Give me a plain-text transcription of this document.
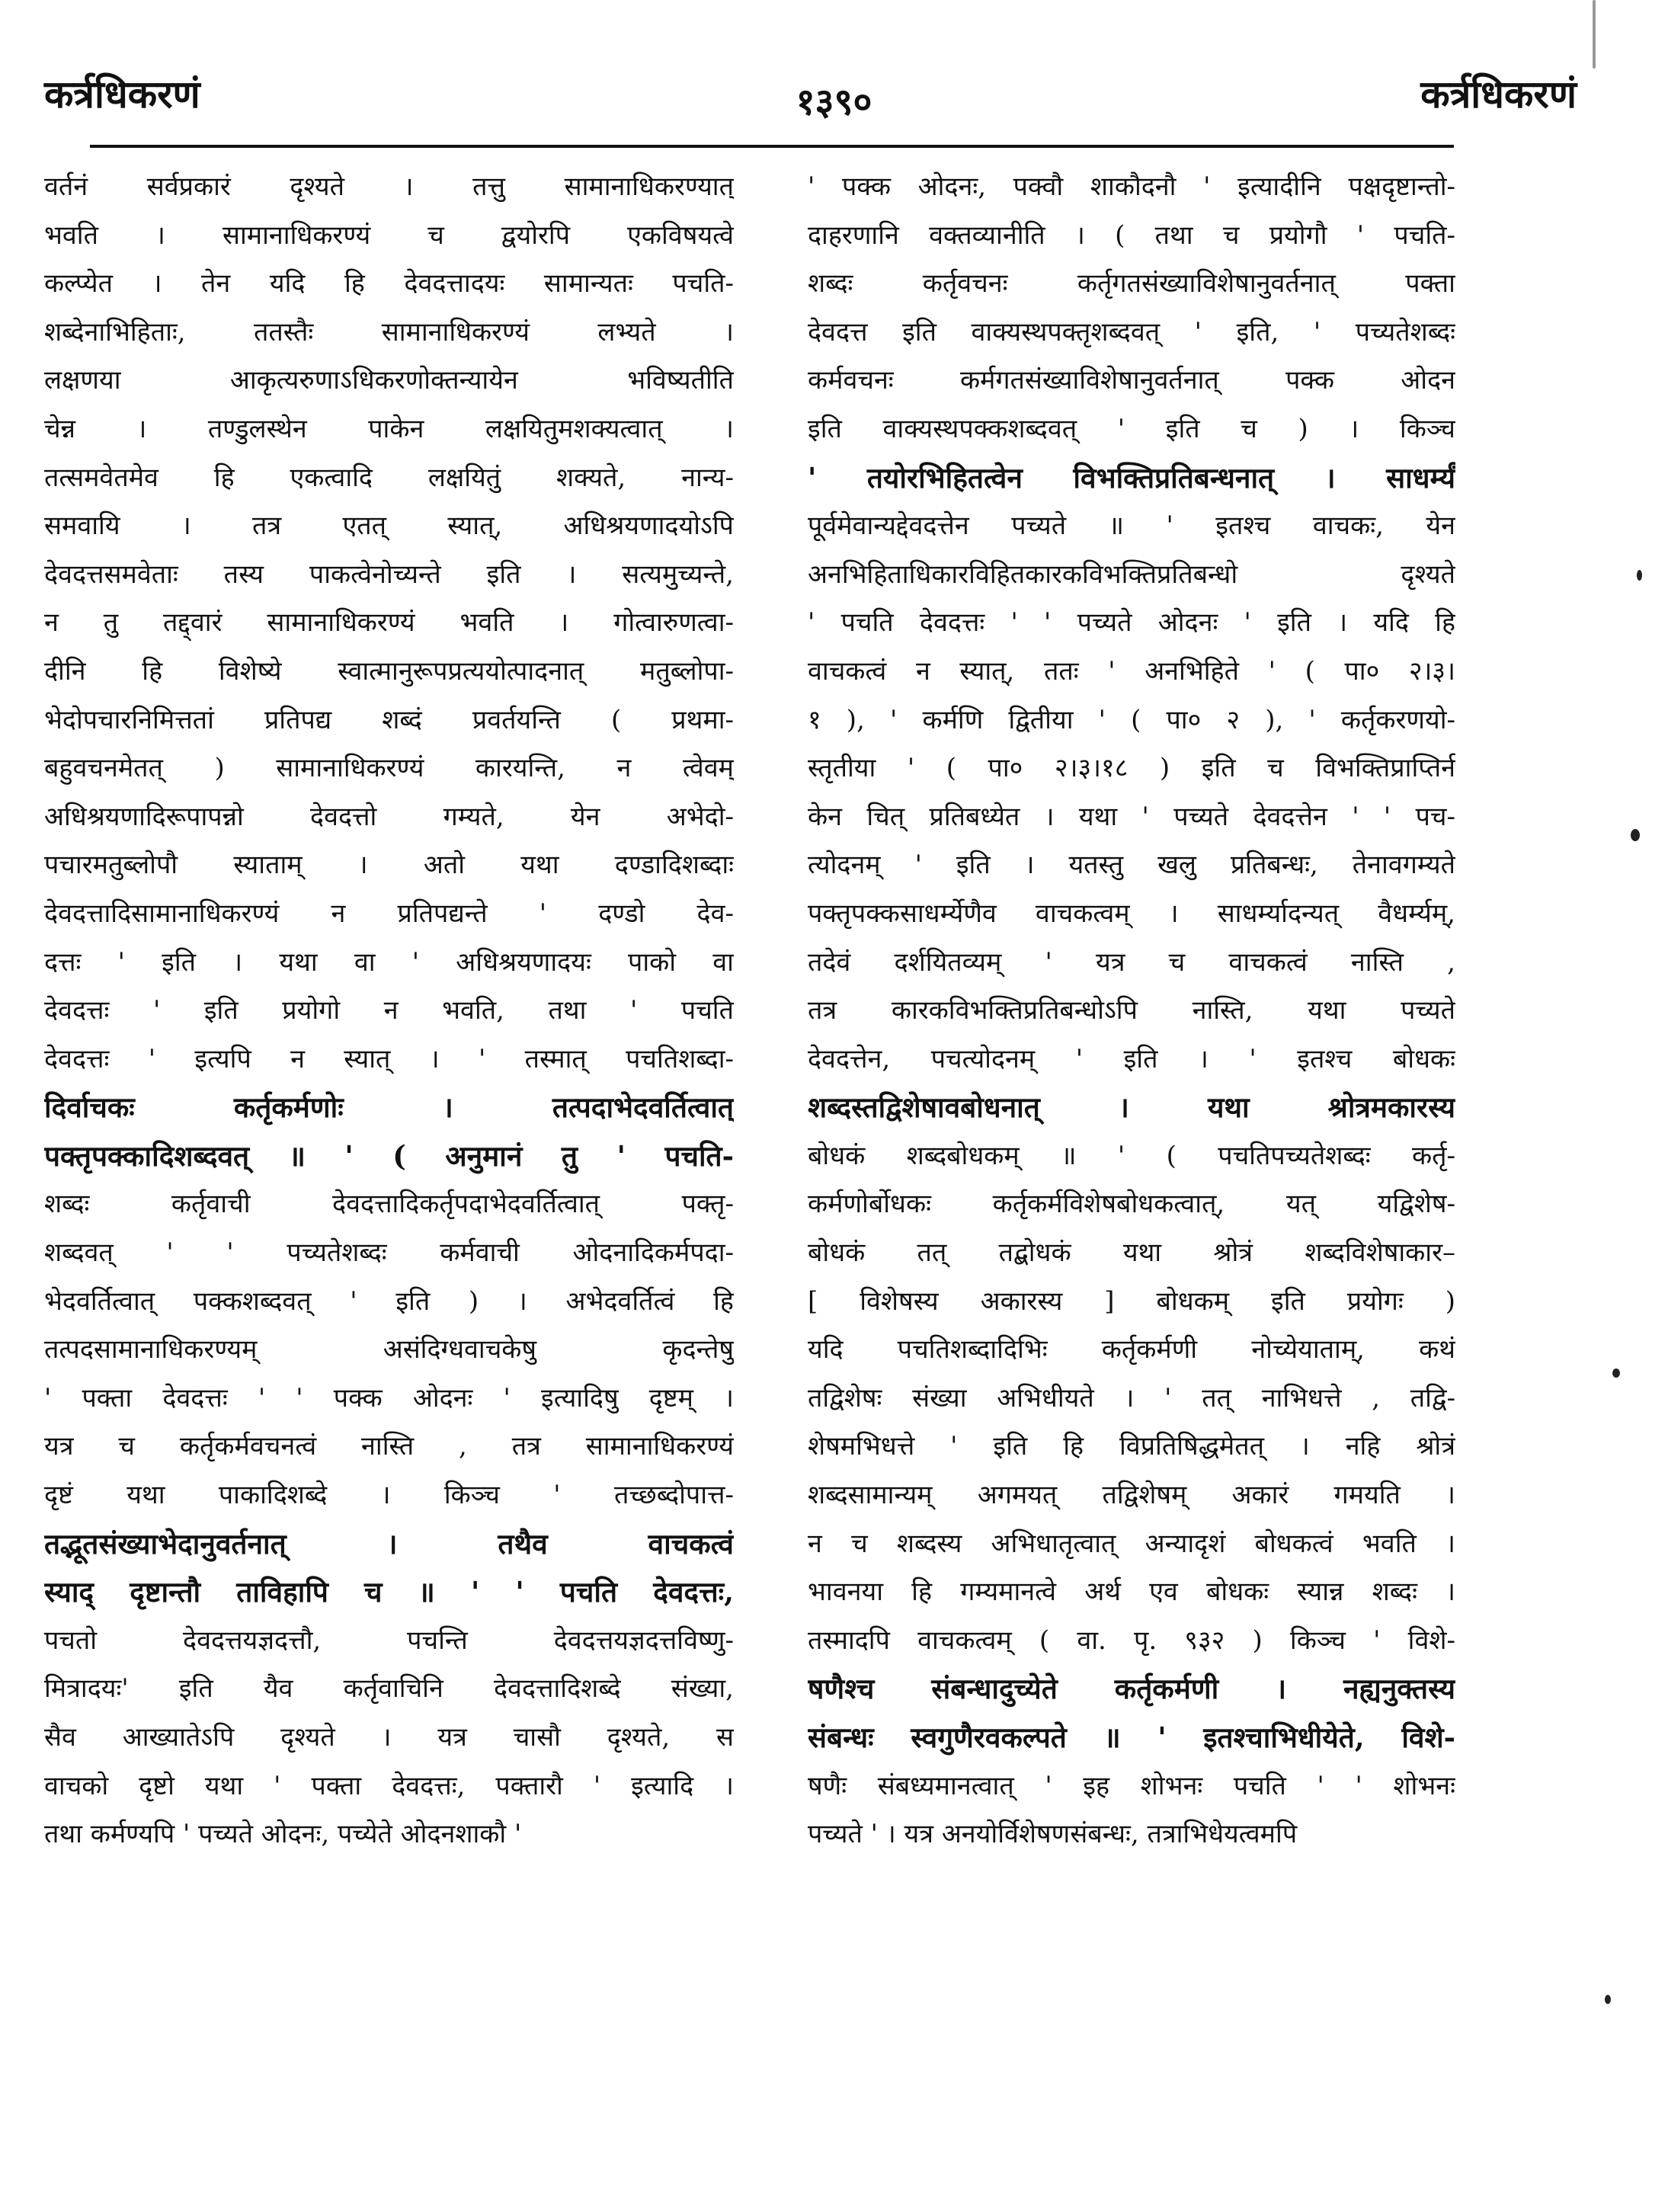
कर्त्रधिकरणं	१३९०	कर्त्रधिकरणं
वर्तनं सर्वप्रकारं दृश्यते । तत्तु सामानाधिकरण्यात्
भवति । सामानाधिकरण्यं च द्वयोरपि एकविषयत्वे
कल्प्येत । तेन यदि हि देवदत्तादयः सामान्यतः पचति-
शब्देनाभिहिताः, ततस्तैः सामानाधिकरण्यं लभ्यते ।
लक्षणया आकृत्यरुणाऽधिकरणोक्तन्यायेन भविष्यतीति
चेन्न । तण्डुलस्थेन पाकेन लक्षयितुमशक्यत्वात् ।
तत्समवेतमेव हि एकत्वादि लक्षयितुं शक्यते, नान्य-
समवायि । तत्र एतत् स्यात्, अधिश्रयणादयोऽपि
देवदत्तसमवेताः तस्य पाकत्वेनोच्यन्ते इति । सत्यमुच्यन्ते,
न तु तद्द्वारं सामानाधिकरण्यं भवति । गोत्वारुणत्वा-
दीनि हि विशेष्ये स्वात्मानुरूपप्रत्ययोत्पादनात् मतुब्लोपा-
भेदोपचारनिमित्ततां प्रतिपद्य शब्दं प्रवर्तयन्ति ( प्रथमा-
बहुवचनमेतत् ) सामानाधिकरण्यं कारयन्ति, न त्वेवम्
अधिश्रयणादिरूपापन्नो देवदत्तो गम्यते, येन अभेदो-
पचारमतुब्लोपौ स्याताम् । अतो यथा दण्डादिशब्दाः
देवदत्तादिसामानाधिकरण्यं न प्रतिपद्यन्ते ' दण्डो देव-
दत्तः ' इति । यथा वा ' अधिश्रयणादयः पाको वा
देवदत्तः ' इति प्रयोगो न भवति, तथा ' पचति
देवदत्तः ' इत्यपि न स्यात् । ' तस्मात् पचतिशब्दा-
दिर्वाचकः कर्तृकर्मणोः । तत्पदाभेदवर्तित्वात्
पक्तृपक्कादिशब्दवत् ॥ ' ( अनुमानं तु ' पचति-
शब्दः कर्तृवाची देवदत्तादिकर्तृपदाभेदवर्तित्वात् पक्तृ-
शब्दवत् ' ' पच्यतेशब्दः कर्मवाची ओदनादिकर्मपदा-
भेदवर्तित्वात् पक्कशब्दवत् ' इति ) । अभेदवर्तित्वं हि
तत्पदसामानाधिकरण्यम् असंदिग्धवाचकेषु कृदन्तेषु
' पक्ता देवदत्तः ' ' पक्क ओदनः ' इत्यादिषु दृष्टम् ।
यत्र च कर्तृकर्मवचनत्वं नास्ति , तत्र सामानाधिकरण्यं
दृष्टं यथा पाकादिशब्दे । किञ्च ' तच्छब्दोपात्त-
तद्भूतसंख्याभेदानुवर्तनात् । तथैव वाचकत्वं
स्याद् दृष्टान्तौ ताविहापि च ॥ ' ' पचति देवदत्तः,
पचतो देवदत्तयज्ञदत्तौ, पचन्ति देवदत्तयज्ञदत्तविष्णु-
मित्रादयः' इति यैव कर्तृवाचिनि देवदत्तादिशब्दे संख्या,
सैव आख्यातेऽपि दृश्यते । यत्र चासौ दृश्यते, स
वाचको दृष्टो यथा ' पक्ता देवदत्तः, पक्तारौ ' इत्यादि ।
तथा कर्मण्यपि ' पच्यते ओदनः, पच्येते ओदनशाकौ '
' पक्क ओदनः, पक्वौ शाकौदनौ ' इत्यादीनि पक्षदृष्टान्तो-
दाहरणानि वक्तव्यानीति । ( तथा च प्रयोगौ ' पचति-
शब्दः कर्तृवचनः कर्तृगतसंख्याविशेषानुवर्तनात् पक्ता
देवदत्त इति वाक्यस्थपक्तृशब्दवत् ' इति, ' पच्यतेशब्दः
कर्मवचनः कर्मगतसंख्याविशेषानुवर्तनात् पक्क ओदन
इति वाक्यस्थपक्कशब्दवत् ' इति च ) । किञ्च
' तयोरभिहितत्वेन विभक्तिप्रतिबन्धनात् । साधर्म्यं
पूर्वमेवान्यद्देवदत्तेन पच्यते ॥ ' इतश्च वाचकः, येन
अनभिहिताधिकारविहितकारकविभक्तिप्रतिबन्धो दृश्यते
' पचति देवदत्तः ' ' पच्यते ओदनः ' इति । यदि हि
वाचकत्वं न स्यात्, ततः ' अनभिहिते ' ( पा० २।३।
१ ), ' कर्मणि द्वितीया ' ( पा० २ ), ' कर्तृकरणयो-
स्तृतीया ' ( पा० २।३।१८ ) इति च विभक्तिप्राप्तिर्न
केन चित् प्रतिबध्येत । यथा ' पच्यते देवदत्तेन ' ' पच-
त्योदनम् ' इति । यतस्तु खलु प्रतिबन्धः, तेनावगम्यते
पक्तृपक्कसाधर्म्येणैव वाचकत्वम् । साधर्म्यादन्यत् वैधर्म्यम्,
तदेवं दर्शयितव्यम् ' यत्र च वाचकत्वं नास्ति ,
तत्र कारकविभक्तिप्रतिबन्धोऽपि नास्ति, यथा पच्यते
देवदत्तेन, पचत्योदनम् ' इति । ' इतश्च बोधकः
शब्दस्तद्विशेषावबोधनात् । यथा श्रोत्रमकारस्य
बोधकं शब्दबोधकम् ॥ ' ( पचतिपच्यतेशब्दः कर्तृ-
कर्मणोर्बोधकः कर्तृकर्मविशेषबोधकत्वात्, यत् यद्विशेष-
बोधकं तत् तद्बोधकं यथा श्रोत्रं शब्दविशेषाकार–
[ विशेषस्य अकारस्य ] बोधकम् इति प्रयोगः )
यदि पचतिशब्दादिभिः कर्तृकर्मणी नोच्येयाताम्, कथं
तद्विशेषः संख्या अभिधीयते । ' तत् नाभिधत्ते , तद्वि-
शेषमभिधत्ते ' इति हि विप्रतिषिद्धमेतत् । नहि श्रोत्रं
शब्दसामान्यम् अगमयत् तद्विशेषम् अकारं गमयति ।
न च शब्दस्य अभिधातृत्वात् अन्यादृशं बोधकत्वं भवति ।
भावनया हि गम्यमानत्वे अर्थ एव बोधकः स्यान्न शब्दः ।
तस्मादपि वाचकत्वम् ( वा. पृ. ९३२ ) किञ्च ' विशे-
षणैश्च संबन्धादुच्येते कर्तृकर्मणी । नह्यनुक्तस्य
संबन्धः स्वगुणैरवकल्पते ॥ ' इतश्चाभिधीयेते, विशे-
षणैः संबध्यमानत्वात् ' इह शोभनः पचति ' ' शोभनः
पच्यते ' । यत्र अनयोर्विशेषणसंबन्धः, तत्राभिधेयत्वमपि
